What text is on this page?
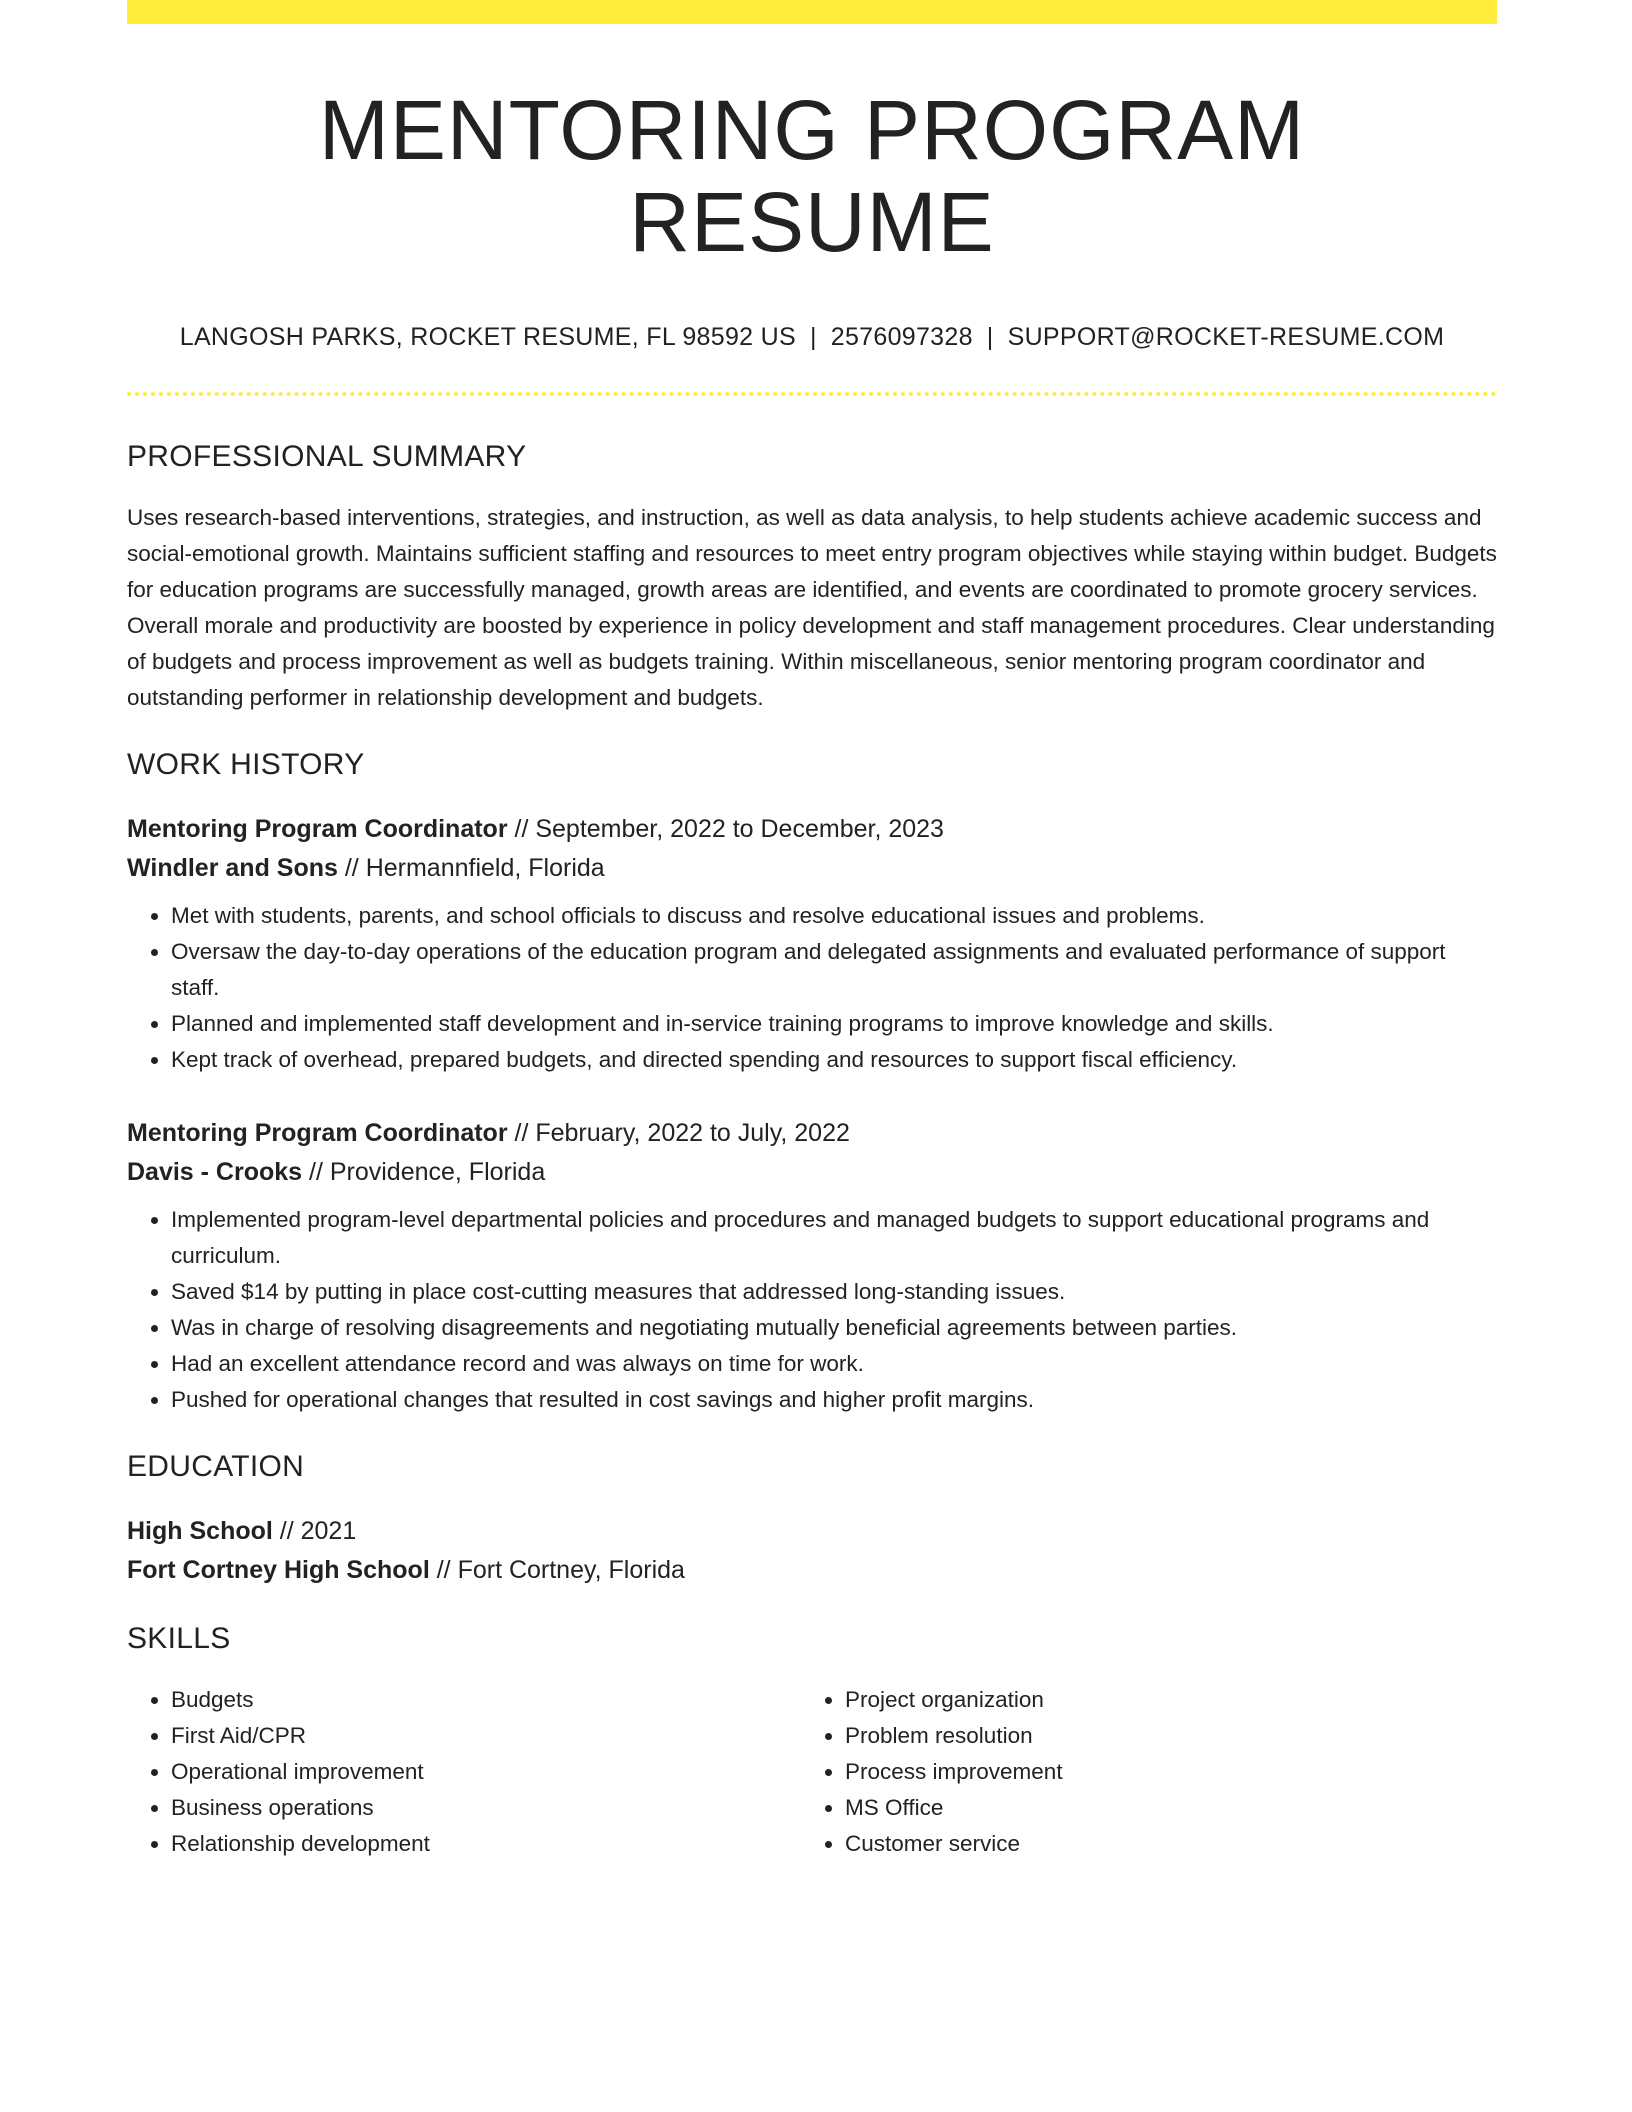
MENTORING PROGRAM RESUME
LANGOSH PARKS, ROCKET RESUME, FL 98592 US | 2576097328 | SUPPORT@ROCKET-RESUME.COM
PROFESSIONAL SUMMARY
Uses research-based interventions, strategies, and instruction, as well as data analysis, to help students achieve academic success and social-emotional growth. Maintains sufficient staffing and resources to meet entry program objectives while staying within budget. Budgets for education programs are successfully managed, growth areas are identified, and events are coordinated to promote grocery services. Overall morale and productivity are boosted by experience in policy development and staff management procedures. Clear understanding of budgets and process improvement as well as budgets training. Within miscellaneous, senior mentoring program coordinator and outstanding performer in relationship development and budgets.
WORK HISTORY
Mentoring Program Coordinator // September, 2022 to December, 2023
Windler and Sons // Hermannfield, Florida
• Met with students, parents, and school officials to discuss and resolve educational issues and problems.
• Oversaw the day-to-day operations of the education program and delegated assignments and evaluated performance of support staff.
• Planned and implemented staff development and in-service training programs to improve knowledge and skills.
• Kept track of overhead, prepared budgets, and directed spending and resources to support fiscal efficiency.
Mentoring Program Coordinator // February, 2022 to July, 2022
Davis - Crooks // Providence, Florida
• Implemented program-level departmental policies and procedures and managed budgets to support educational programs and curriculum.
• Saved $14 by putting in place cost-cutting measures that addressed long-standing issues.
• Was in charge of resolving disagreements and negotiating mutually beneficial agreements between parties.
• Had an excellent attendance record and was always on time for work.
• Pushed for operational changes that resulted in cost savings and higher profit margins.
EDUCATION
High School // 2021
Fort Cortney High School // Fort Cortney, Florida
SKILLS
• Budgets
• First Aid/CPR
• Operational improvement
• Business operations
• Relationship development
• Project organization
• Problem resolution
• Process improvement
• MS Office
• Customer service
